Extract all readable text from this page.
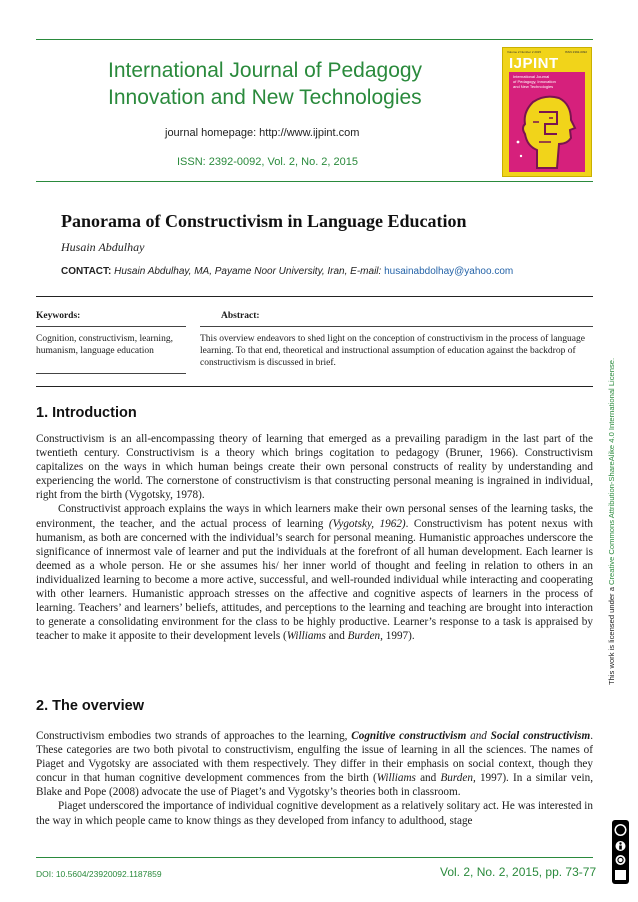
International Journal of Pedagogy
Innovation and New Technologies
journal homepage: http://www.ijpint.com
ISSN: 2392-0092, Vol. 2, No. 2, 2015
Volume 2 Number 2 2015	ISSN 2392-0092
IJPINT
International Journal
of Pedagogy, Innovation
and New Technologies
Panorama of Constructivism in Language Education
Husain Abdulhay
CONTACT: Husain Abdulhay, MA, Payame Noor University, Iran, E-mail: husainabdolhay@yahoo.com
Keywords:	Abstract:
Cognition, constructivism, learning, humanism, language education
This overview endeavors to shed light on the conception of constructivism in the process of language learning. To that end, theoretical and instructional assumption of education against the backdrop of constructivism is discussed in brief.
1. Introduction

Constructivism is an all-encompassing theory of learning that emerged as a prevailing paradigm in the last part of the twentieth century. Constructivism is a theory which brings cogitation to pedagogy (Bruner, 1966). Constructivism capitalizes on the ways in which human beings create their own personal constructs of reality by understanding and experiencing the world. The cornerstone of constructivism is that constructing personal meaning is ingrained in individual, right from the birth (Vygotsky, 1978).

Constructivist approach explains the ways in which learners make their own personal senses of the learning tasks, the environment, the teacher, and the actual process of learning (Vygotsky, 1962). Constructivism has potent nexus with humanism, as both are concerned with the individual’s search for personal meaning. Humanistic approaches underscore the significance of innermost vale of learner and put the individuals at the forefront of all human development. Each learner is deemed as a whole person. He or she assumes his/ her inner world of thought and feeling in relation to others in an individualized learning to become a more active, successful, and well-rounded individual while interacting and cooperating with other learners. Humanistic approach stresses on the affective and cognitive aspects of learners in the process of learning. Teachers’ and learners’ beliefs, attitudes, and perceptions to the learning and teaching are brought into interaction to generate a consolidating environment for the class to be highly productive. Learner’s response to a task is appraised by teacher to make it apposite to their development levels (Williams and Burden, 1997).

2. The overview

Constructivism embodies two strands of approaches to the learning, Cognitive constructivism and Social constructivism. These categories are two both pivotal to constructivism, engulfing the issue of learning in all the sciences. The names of Piaget and Vygotsky are associated with them respectively. They differ in their emphasis on social context, though they concur in that human cognitive development commences from the birth (Williams and Burden, 1997). In a similar vein, Blake and Pope (2008) advocate the use of Piaget’s and Vygotsky’s theories both in classroom.

Piaget underscored the importance of individual cognitive development as a relatively solitary act. He was interested in the way in which people came to know things as they developed from infancy to adulthood, stage

DOI: 10.5604/23920092.1187859	Vol. 2, No. 2, 2015, pp. 73-77
This work is licensed under a Creative Commons Attribution-ShareAlike 4.0 International License.
